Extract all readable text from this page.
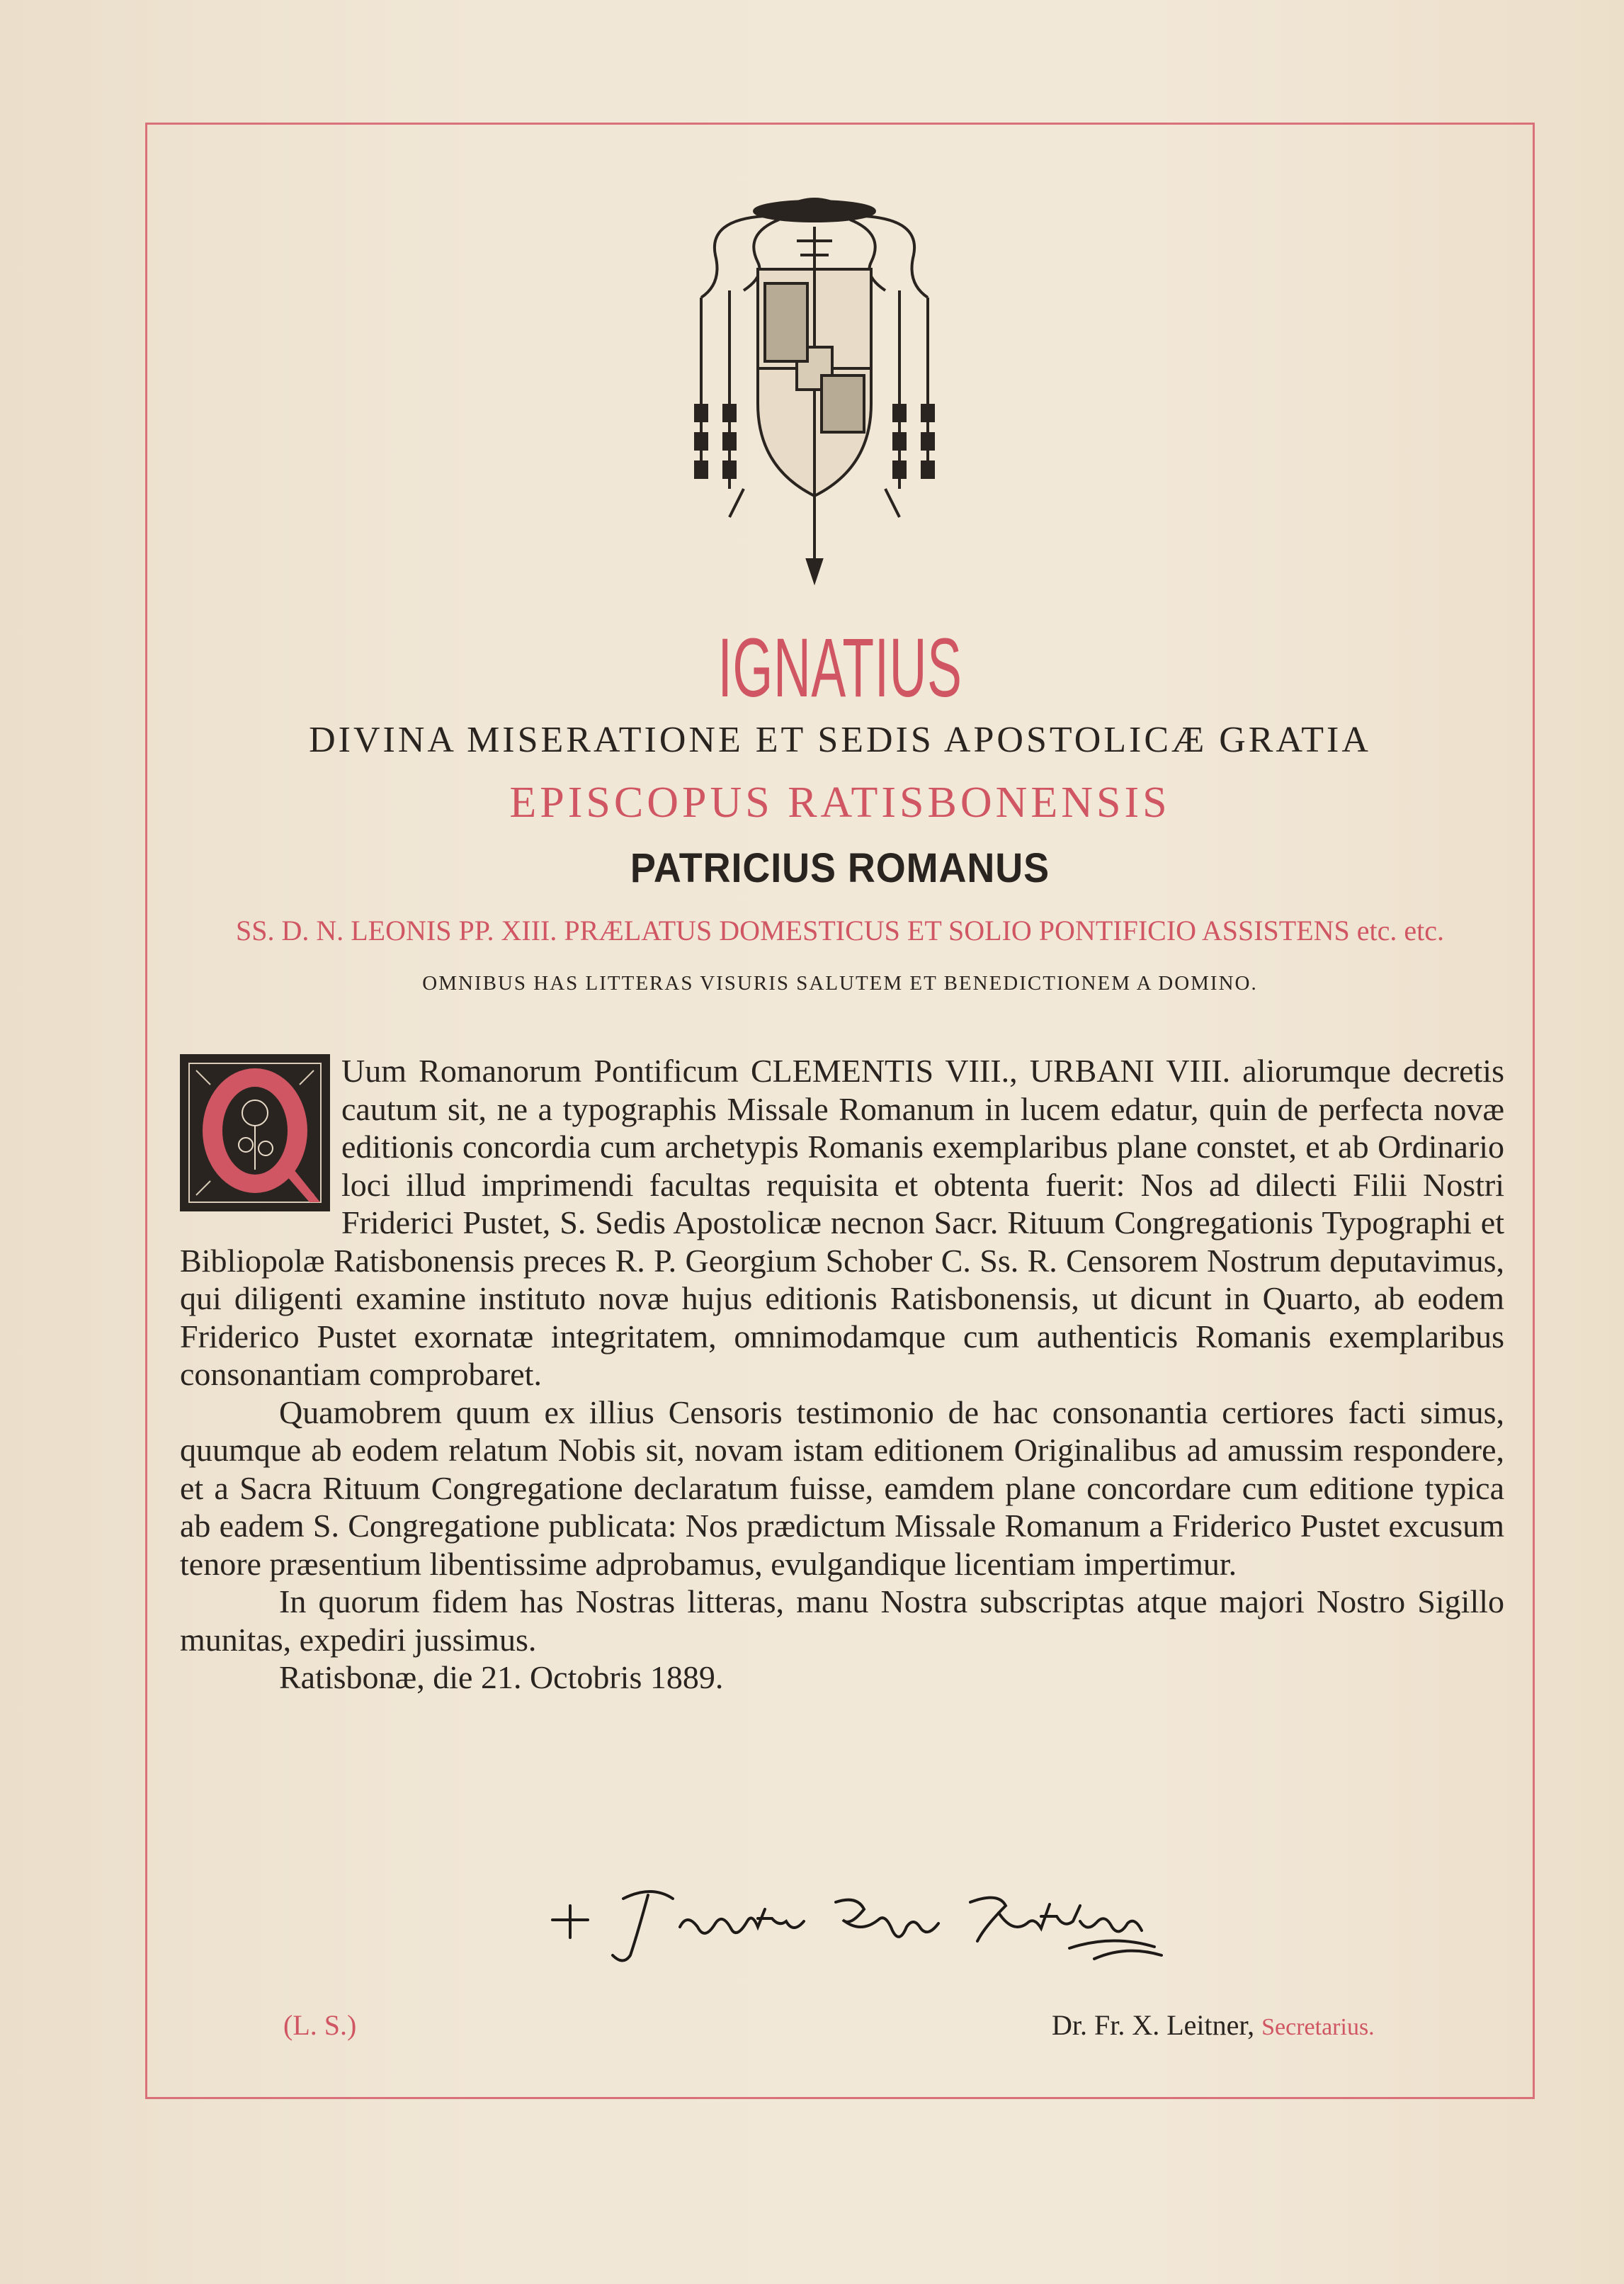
IGNATIUS
DIVINA MISERATIONE ET SEDIS APOSTOLICÆ GRATIA
EPISCOPUS RATISBONENSIS
PATRICIUS ROMANUS
SS. D. N. LEONIS PP. XIII. PRÆLATUS DOMESTICUS ET SOLIO PONTIFICIO ASSISTENS etc. etc.
OMNIBUS HAS LITTERAS VISURIS SALUTEM ET BENEDICTIONEM A DOMINO.

Uum Romanorum Pontificum CLEMENTIS VIII., URBANI VIII. aliorumque decretis cautum sit, ne a typographis Missale Romanum in lucem edatur, quin de perfecta novæ editionis concordia cum archetypis Romanis exemplaribus plane constet, et ab Ordinario loci illud imprimendi facultas requisita et obtenta fuerit: Nos ad dilecti Filii Nostri Friderici Pustet, S. Sedis Apostolicæ necnon Sacr. Rituum Congregationis Typographi et Bibliopolæ Ratisbonensis preces R. P. Georgium Schober C. Ss. R. Censorem Nostrum deputavimus, qui diligenti examine instituto novæ hujus editionis Ratisbonensis, ut dicunt in Quarto, ab eodem Friderico Pustet exornatæ integritatem, omnimodamque cum authenticis Romanis exemplaribus consonantiam comprobaret.

Quamobrem quum ex illius Censoris testimonio de hac consonantia certiores facti simus, quumque ab eodem relatum Nobis sit, novam istam editionem Originalibus ad amussim respondere, et a Sacra Rituum Congregatione declaratum fuisse, eamdem plane concordare cum editione typica ab eadem S. Congregatione publicata: Nos prædictum Missale Romanum a Friderico Pustet excusum tenore præsentium libentissime adprobamus, evulgandique licentiam impertimur.

In quorum fidem has Nostras litteras, manu Nostra subscriptas atque majori Nostro Sigillo munitas, expediri jussimus.

Ratisbonæ, die 21. Octobris 1889.

(L. S.)	Dr. Fr. X. Leitner, Secretarius.
